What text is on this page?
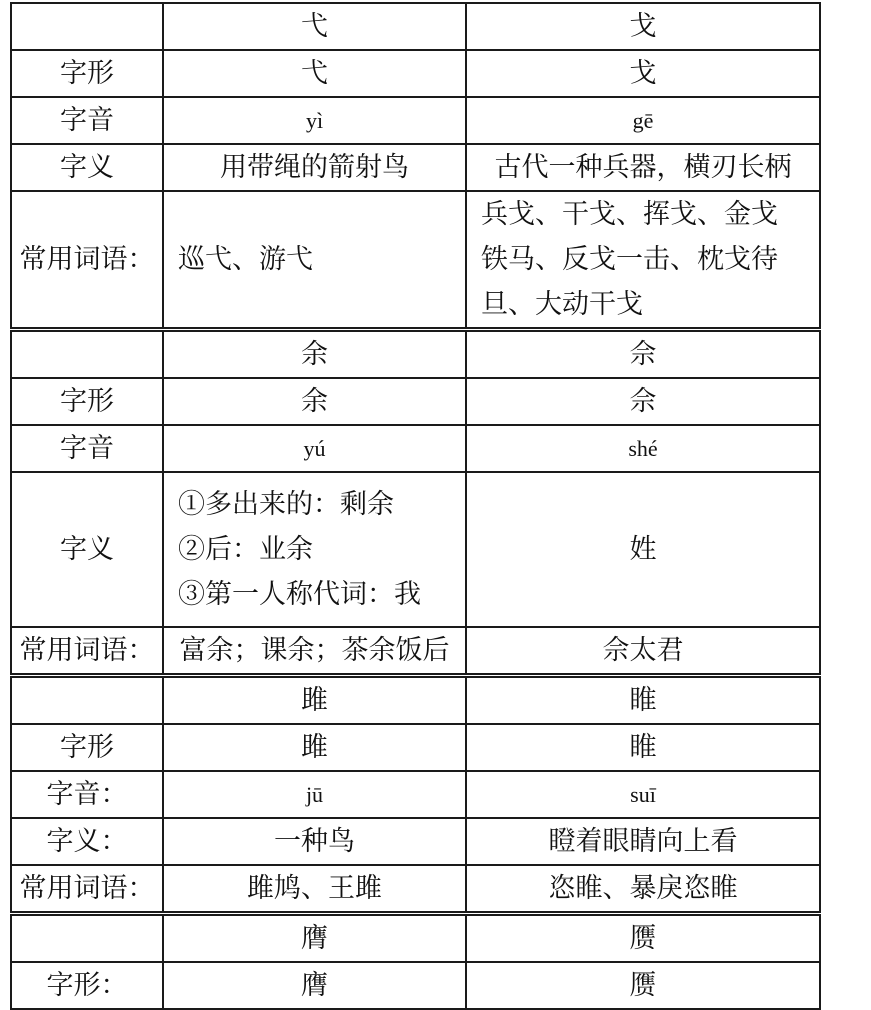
	弋	戈
字形	弋	戈
字音	yì	gē
字义	用带绳的箭射鸟	古代一种兵器，横刃长柄
常用词语：	巡弋、游弋	兵戈、干戈、挥戈、金戈
铁马、反戈一击、枕戈待
旦、大动干戈

	余	佘
字形	余	佘
字音	yú	shé
字义	①多出来的：剩余
②后：业余
③第一人称代词：我	姓
常用词语：	富余；课余；茶余饭后	佘太君
	雎	睢
字形	雎	睢
字音：	jū	suī
字义：	一种鸟	瞪着眼睛向上看
常用词语：	雎鸠、王雎	恣睢、暴戾恣睢
	膺	赝
字形：	膺	赝
